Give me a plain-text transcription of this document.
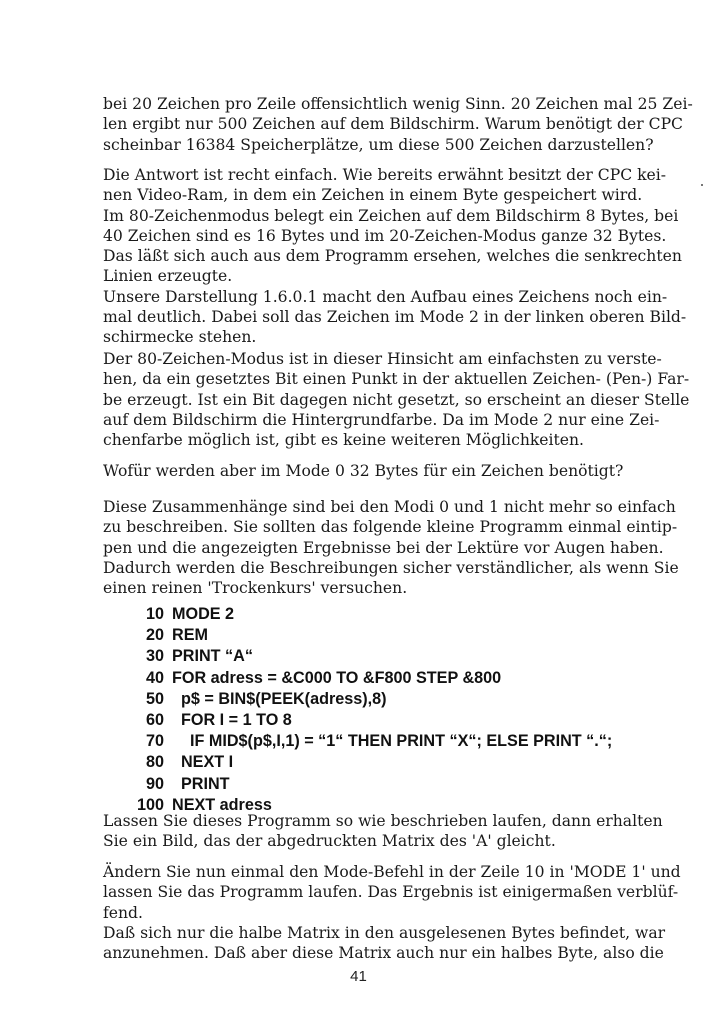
bei 20 Zeichen pro Zeile offensichtlich wenig Sinn. 20 Zeichen mal 25 Zei-
len ergibt nur 500 Zeichen auf dem Bildschirm. Warum benötigt der CPC
scheinbar 16384 Speicherplätze, um diese 500 Zeichen darzustellen?
Die Antwort ist recht einfach. Wie bereits erwähnt besitzt der CPC kei-
nen Video-Ram, in dem ein Zeichen in einem Byte gespeichert wird.
Im 80-Zeichenmodus belegt ein Zeichen auf dem Bildschirm 8 Bytes, bei
40 Zeichen sind es 16 Bytes und im 20-Zeichen-Modus ganze 32 Bytes.
Das läßt sich auch aus dem Programm ersehen, welches die senkrechten
Linien erzeugte.
Unsere Darstellung 1.6.0.1 macht den Aufbau eines Zeichens noch ein-
mal deutlich. Dabei soll das Zeichen im Mode 2 in der linken oberen Bild-
schirmecke stehen.
Der 80-Zeichen-Modus ist in dieser Hinsicht am einfachsten zu verste-
hen, da ein gesetztes Bit einen Punkt in der aktuellen Zeichen- (Pen-) Far-
be erzeugt. Ist ein Bit dagegen nicht gesetzt, so erscheint an dieser Stelle
auf dem Bildschirm die Hintergrundfarbe. Da im Mode 2 nur eine Zei-
chenfarbe möglich ist, gibt es keine weiteren Möglichkeiten.
Wofür werden aber im Mode 0 32 Bytes für ein Zeichen benötigt?
Diese Zusammenhänge sind bei den Modi 0 und 1 nicht mehr so einfach
zu beschreiben. Sie sollten das folgende kleine Programm einmal eintip-
pen und die angezeigten Ergebnisse bei der Lektüre vor Augen haben.
Dadurch werden die Beschreibungen sicher verständlicher, als wenn Sie
einen reinen 'Trockenkurs' versuchen.
10 MODE 2
20 REM
30 PRINT “A“
40 FOR adress = &C000 TO &F800 STEP &800
50 p$ = BIN$(PEEK(adress),8)
60 FOR I = 1 TO 8
70 IF MID$(p$,I,1) = “1“ THEN PRINT “X“; ELSE PRINT “.“;
80 NEXT I
90 PRINT
100 NEXT adress
Lassen Sie dieses Programm so wie beschrieben laufen, dann erhalten
Sie ein Bild, das der abgedruckten Matrix des 'A' gleicht.
Ändern Sie nun einmal den Mode-Befehl in der Zeile 10 in 'MODE 1' und
lassen Sie das Programm laufen. Das Ergebnis ist einigermaßen verblüf-
fend.
Daß sich nur die halbe Matrix in den ausgelesenen Bytes befindet, war
anzunehmen. Daß aber diese Matrix auch nur ein halbes Byte, also die
41
